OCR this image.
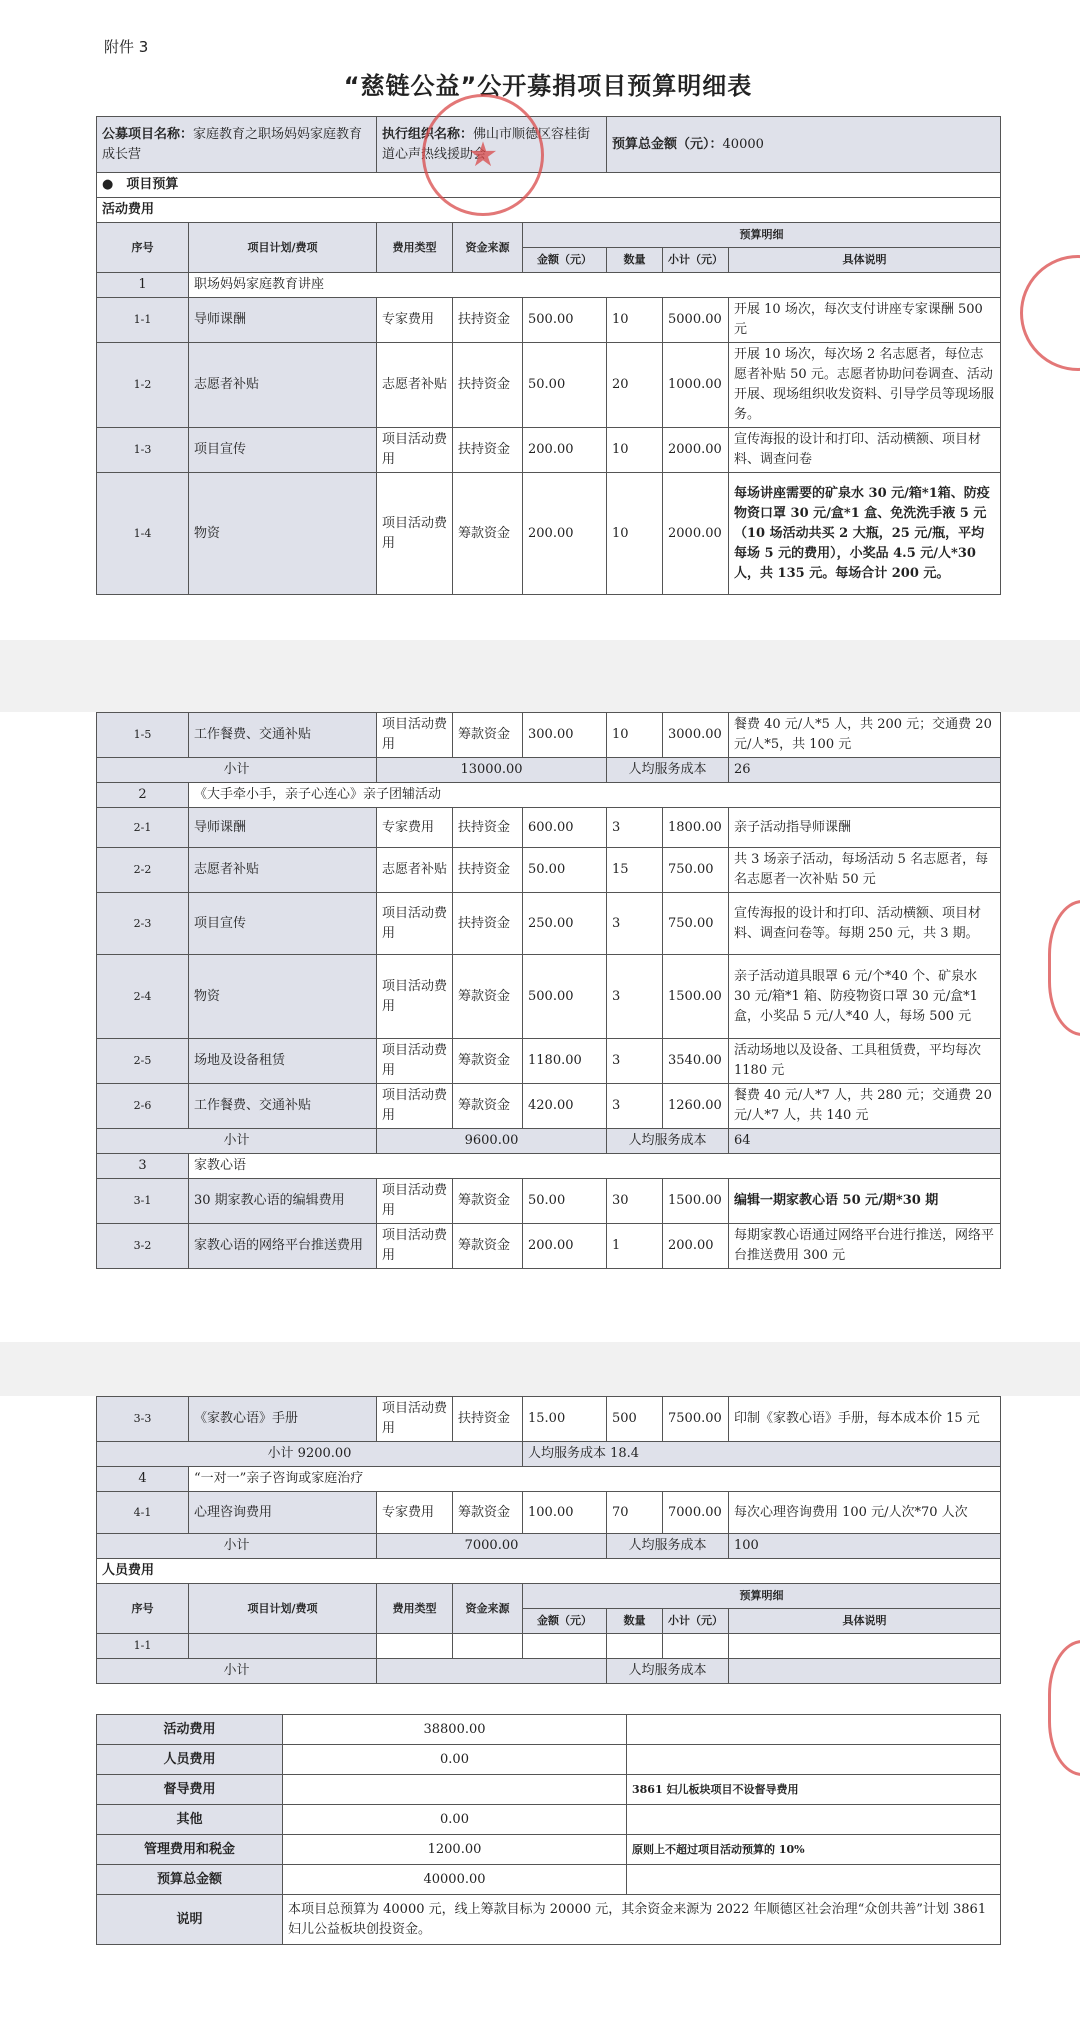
附件 3
“慈链公益”公开募捐项目预算明细表
公募项目名称：家庭教育之职场妈妈家庭教育成长营		执行组织名称：佛山市顺德区容桂街道心声热线援助会			预算总金额（元）：40000		
●　项目预算							
活动费用							
序号	项目计划/费项	费用类型	资金来源	预算明细			
				金额（元）	数量	小计（元）	具体说明
1	职场妈妈家庭教育讲座						
1-1	导师课酬	专家费用	扶持资金	500.00	10	5000.00	开展 10 场次，每次支付讲座专家课酬 500 元
1-2	志愿者补贴	志愿者补贴	扶持资金	50.00	20	1000.00	开展 10 场次，每次场 2 名志愿者，每位志愿者补贴 50 元。志愿者协助问卷调查、活动开展、现场组织收发资料、引导学员等现场服务。
1-3	项目宣传	项目活动费用	扶持资金	200.00	10	2000.00	宣传海报的设计和打印、活动横额、项目材料、调查问卷
1-4	物资	项目活动费用	筹款资金	200.00	10	2000.00	每场讲座需要的矿泉水 30 元/箱*1箱、防疫物资口罩 30 元/盒*1 盒、免洗洗手液 5 元（10 场活动共买 2 大瓶，25 元/瓶，平均每场 5 元的费用），小奖品 4.5 元/人*30 人，共 135 元。每场合计 200 元。
★
1-5	工作餐费、交通补贴	项目活动费用	筹款资金	300.00	10	3000.00	餐费 40 元/人*5 人，共 200 元；交通费 20 元/人*5，共 100 元
小计		13000.00			人均服务成本		26
2	《大手牵小手，亲子心连心》亲子团辅活动						
2-1	导师课酬	专家费用	扶持资金	600.00	3	1800.00	亲子活动指导师课酬
2-2	志愿者补贴	志愿者补贴	扶持资金	50.00	15	750.00	共 3 场亲子活动，每场活动 5 名志愿者，每名志愿者一次补贴 50 元
2-3	项目宣传	项目活动费用	扶持资金	250.00	3	750.00	宣传海报的设计和打印、活动横额、项目材料、调查问卷等。每期 250 元，共 3 期。
2-4	物资	项目活动费用	筹款资金	500.00	3	1500.00	亲子活动道具眼罩 6 元/个*40 个、矿泉水 30 元/箱*1 箱、防疫物资口罩 30 元/盒*1 盒，小奖品 5 元/人*40 人，每场 500 元
2-5	场地及设备租赁	项目活动费用	筹款资金	1180.00	3	3540.00	活动场地以及设备、工具租赁费，平均每次 1180 元
2-6	工作餐费、交通补贴	项目活动费用	筹款资金	420.00	3	1260.00	餐费 40 元/人*7 人，共 280 元；交通费 20 元/人*7 人，共 140 元
小计		9600.00			人均服务成本		64
3	家教心语						
3-1	30 期家教心语的编辑费用	项目活动费用	筹款资金	50.00	30	1500.00	编辑一期家教心语 50 元/期*30 期
3-2	家教心语的网络平台推送费用	项目活动费用	筹款资金	200.00	1	200.00	每期家教心语通过网络平台进行推送，网络平台推送费用 300 元
3-3	《家教心语》手册	项目活动费用	扶持资金	15.00	500	7500.00	印制《家教心语》手册，每本成本价 15 元
小计 9200.00				人均服务成本 18.4			
4	“一对一”亲子咨询或家庭治疗						
4-1	心理咨询费用	专家费用	筹款资金	100.00	70	7000.00	每次心理咨询费用 100 元/人次*70 人次
小计		7000.00			人均服务成本		100
人员费用							
序号	项目计划/费项	费用类型	资金来源	预算明细			
				金额（元）	数量	小计（元）	具体说明
1-1							
小计					人均服务成本		
活动费用	38800.00	
人员费用	0.00	
督导费用		3861 妇儿板块项目不设督导费用
其他	0.00	
管理费用和税金	1200.00	原则上不超过项目活动预算的 10%
预算总金额	40000.00	
说明	本项目总预算为 40000 元，线上筹款目标为 20000 元，其余资金来源为 2022 年顺德区社会治理“众创共善”计划 3861 妇儿公益板块创投资金。	
